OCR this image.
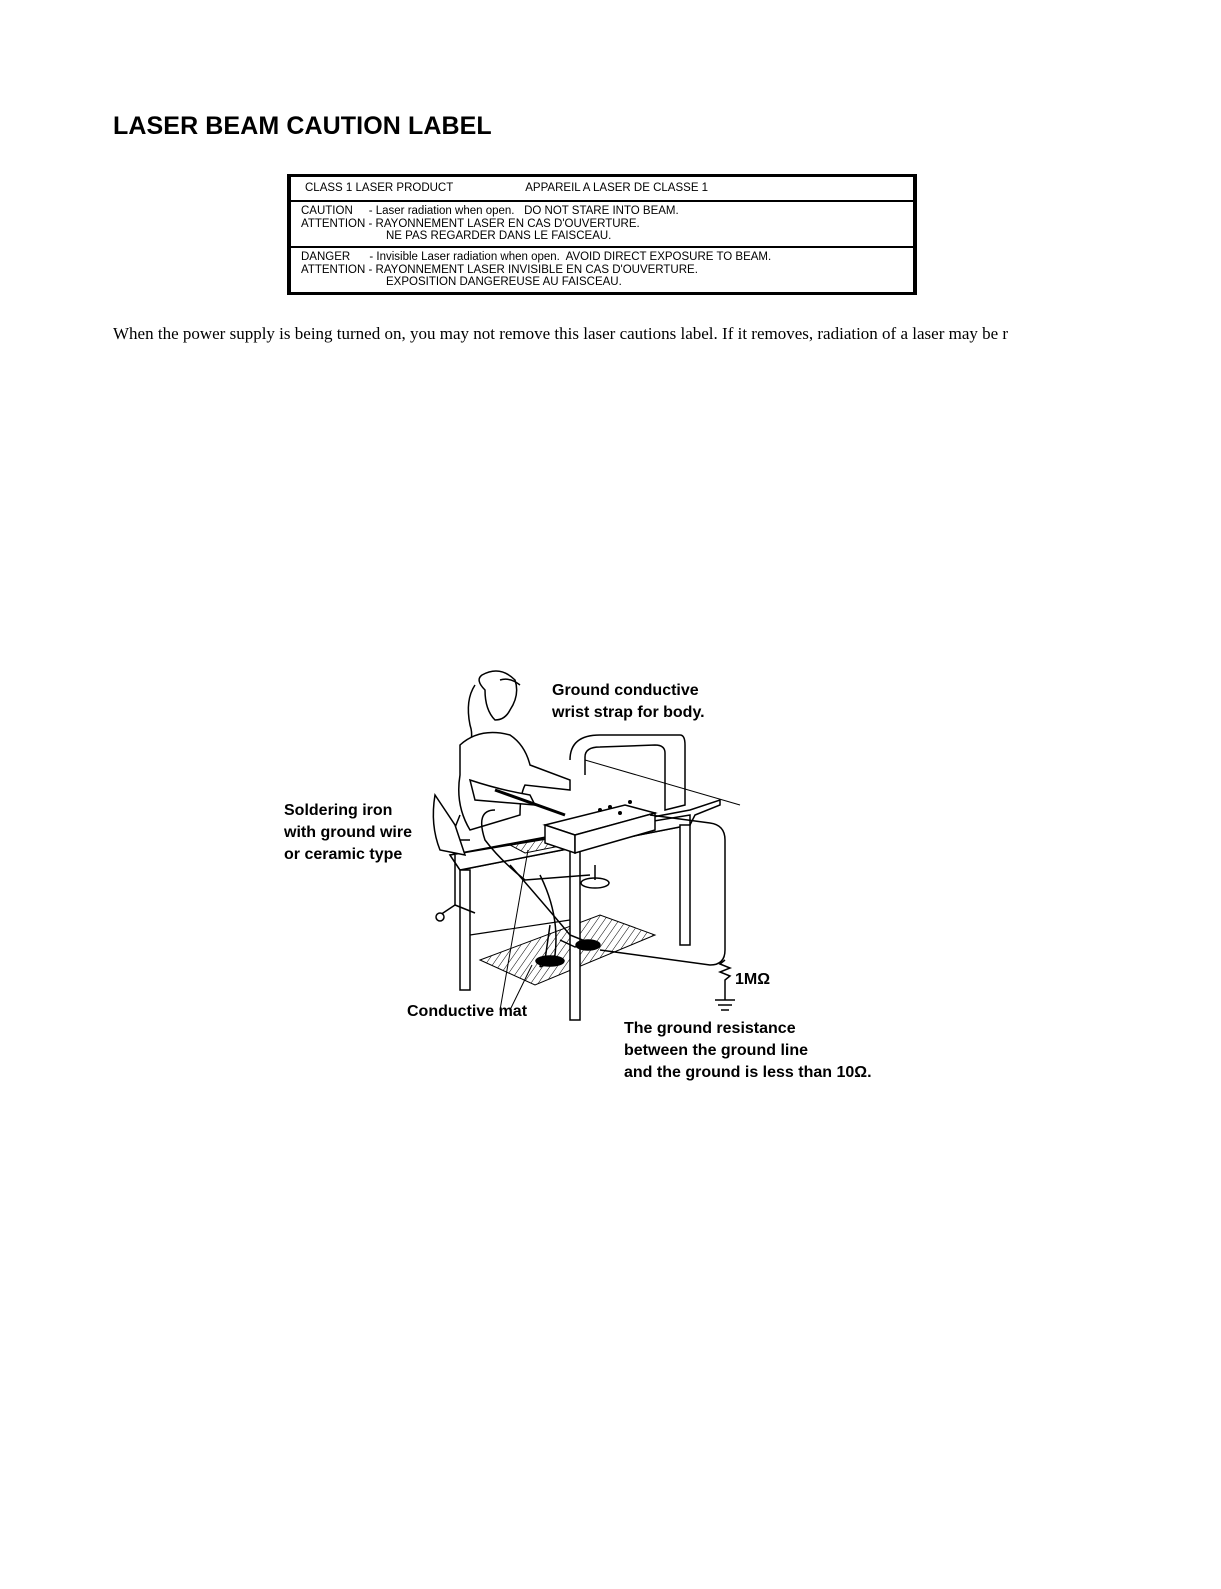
LASER BEAM CAUTION LABEL
CLASS 1 LASER PRODUCT	APPAREIL A LASER DE CLASSE 1
CAUTION     - Laser radiation when open.   DO NOT STARE INTO BEAM.
ATTENTION - RAYONNEMENT LASER EN CAS D'OUVERTURE.
NE PAS REGARDER DANS LE FAISCEAU.
DANGER      - Invisible Laser radiation when open.  AVOID DIRECT EXPOSURE TO BEAM.
ATTENTION - RAYONNEMENT LASER INVISIBLE EN CAS D'OUVERTURE.
EXPOSITION DANGEREUSE AU FAISCEAU.

When the power supply is being turned on, you may not remove this laser cautions label. If it removes, radiation of a laser may be r

Ground conductive
wrist strap for body.
Soldering iron
with ground wire
or ceramic type
1MΩ
Conductive mat
The ground resistance
between the ground line
and the ground is less than 10Ω.
